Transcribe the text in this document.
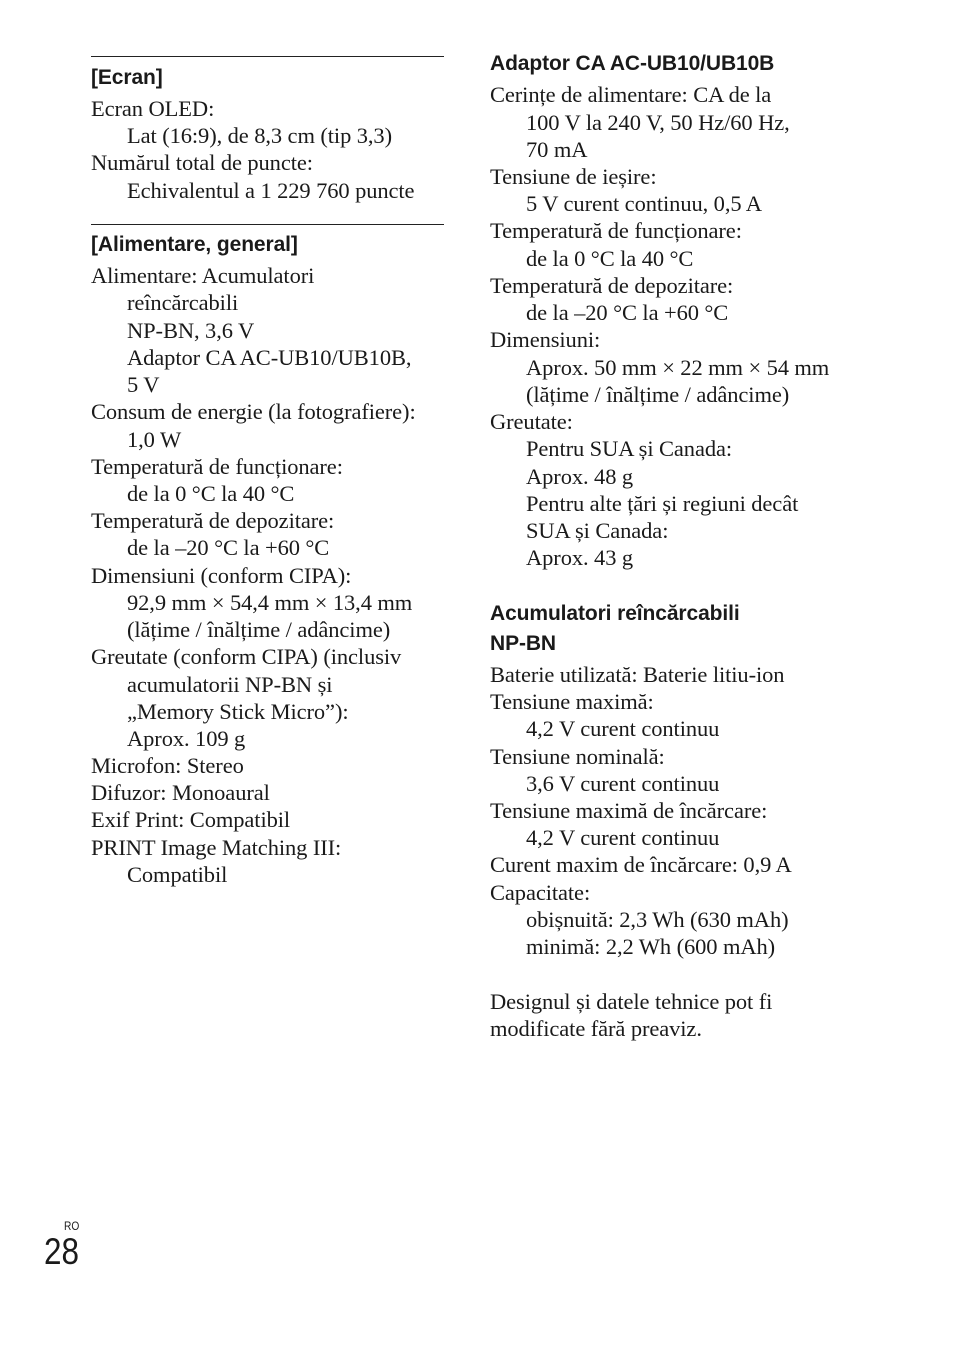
[Ecran]
Ecran OLED:
Lat (16:9), de 8,3 cm (tip 3,3)
Numărul total de puncte:
Echivalentul a 1 229 760 puncte
[Alimentare, general]
Alimentare: Acumulatori
reîncărcabili
NP-BN, 3,6 V
Adaptor CA AC-UB10/UB10B,
5 V
Consum de energie (la fotografiere):
1,0 W
Temperatură de funcționare:
de la 0 °C la 40 °C
Temperatură de depozitare:
de la –20 °C la +60 °C
Dimensiuni (conform CIPA):
92,9 mm × 54,4 mm × 13,4 mm
(lățime / înălțime / adâncime)
Greutate (conform CIPA) (inclusiv
acumulatorii NP-BN și
„Memory Stick Micro”):
Aprox. 109 g
Microfon: Stereo
Difuzor: Monoaural
Exif Print: Compatibil
PRINT Image Matching III:
Compatibil
Adaptor CA AC-UB10/UB10B
Cerințe de alimentare: CA de la
100 V la 240 V, 50 Hz/60 Hz,
70 mA
Tensiune de ieșire:
5 V curent continuu, 0,5 A
Temperatură de funcționare:
de la 0 °C la 40 °C
Temperatură de depozitare:
de la –20 °C la +60 °C
Dimensiuni:
Aprox. 50 mm × 22 mm × 54 mm
(lățime / înălțime / adâncime)
Greutate:
Pentru SUA și Canada:
Aprox. 48 g
Pentru alte țări și regiuni decât
SUA și Canada:
Aprox. 43 g
Acumulatori reîncărcabili
NP-BN
Baterie utilizată: Baterie litiu-ion
Tensiune maximă:
4,2 V curent continuu
Tensiune nominală:
3,6 V curent continuu
Tensiune maximă de încărcare:
4,2 V curent continuu
Curent maxim de încărcare: 0,9 A
Capacitate:
obișnuită: 2,3 Wh (630 mAh)
minimă: 2,2 Wh (600 mAh)
Designul și datele tehnice pot fi
modificate fără preaviz.
RO
28
